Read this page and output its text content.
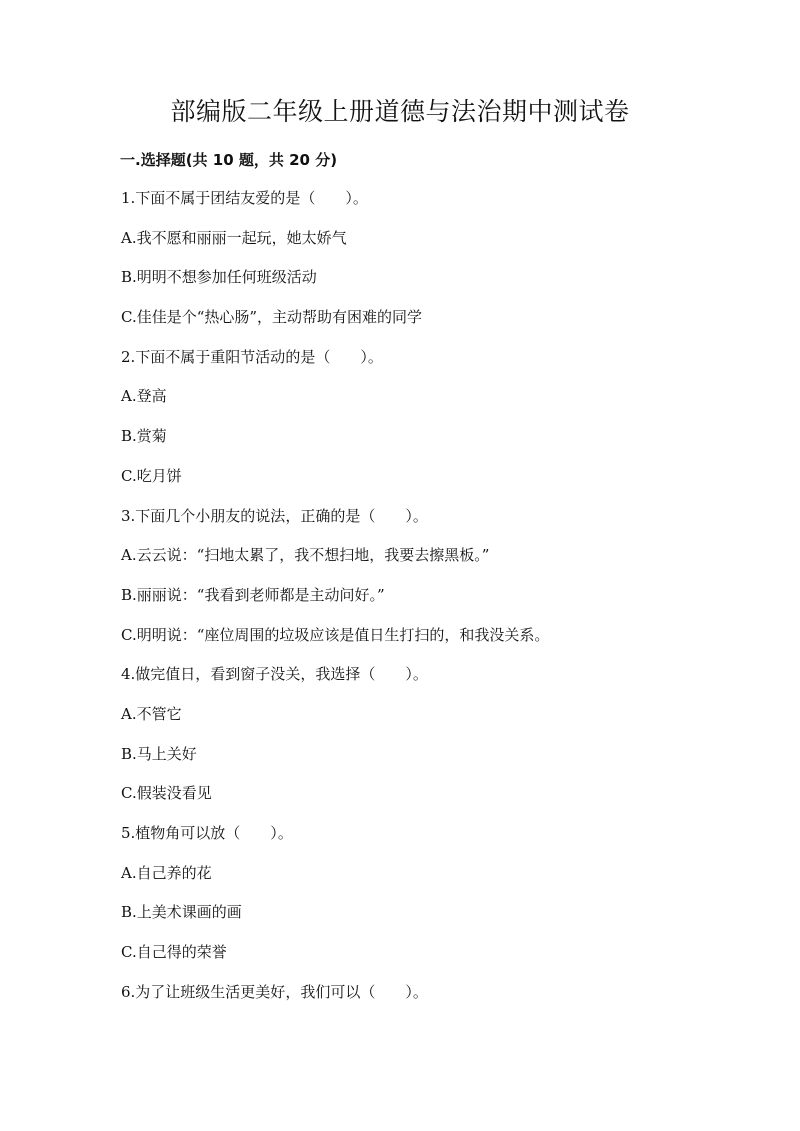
部编版二年级上册道德与法治期中测试卷
一.选择题(共 10 题，共 20 分)
1.下面不属于团结友爱的是（　　）。
A.我不愿和丽丽一起玩，她太娇气
B.明明不想参加任何班级活动
C.佳佳是个“热心肠”，主动帮助有困难的同学
2.下面不属于重阳节活动的是（　　）。
A.登高
B.赏菊
C.吃月饼
3.下面几个小朋友的说法，正确的是（　　）。
A.云云说：“扫地太累了，我不想扫地，我要去擦黑板。”
B.丽丽说：“我看到老师都是主动问好。”
C.明明说：“座位周围的垃圾应该是值日生打扫的，和我没关系。
4.做完值日，看到窗子没关，我选择（　　）。
A.不管它
B.马上关好
C.假装没看见
5.植物角可以放（　　）。
A.自己养的花
B.上美术课画的画
C.自己得的荣誉
6.为了让班级生活更美好，我们可以（　　）。
